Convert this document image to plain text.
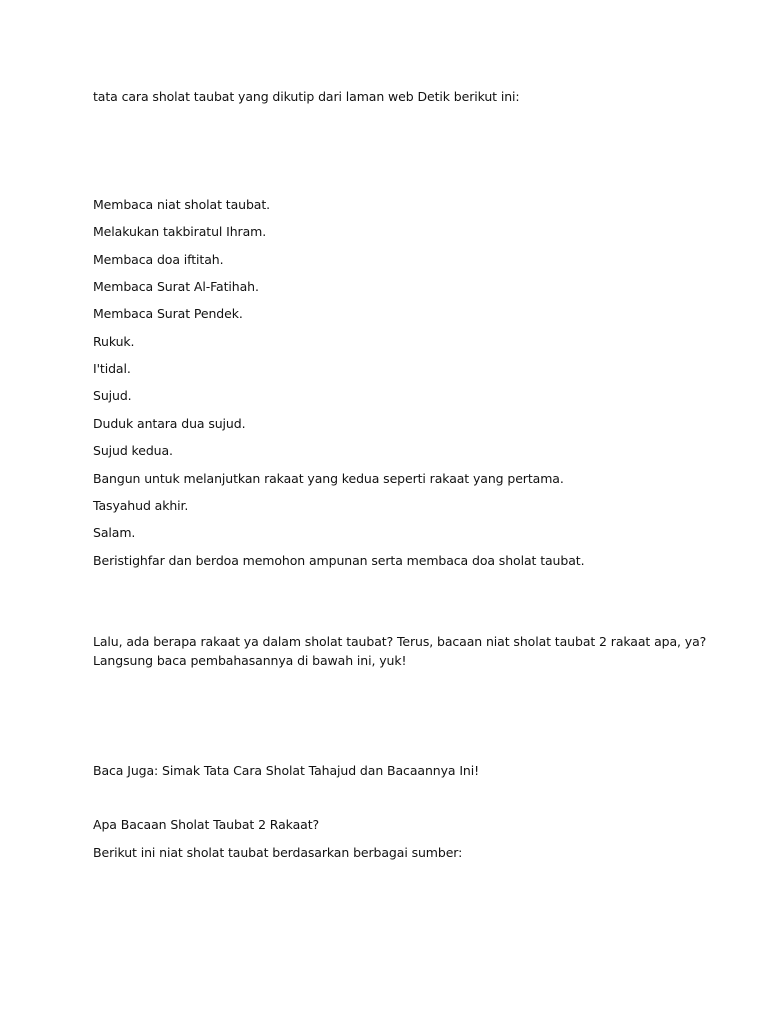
tata cara sholat taubat yang dikutip dari laman web Detik berikut ini:
Membaca niat sholat taubat.
Melakukan takbiratul Ihram.
Membaca doa iftitah.
Membaca Surat Al-Fatihah.
Membaca Surat Pendek.
Rukuk.
I'tidal.
Sujud.
Duduk antara dua sujud.
Sujud kedua.
Bangun untuk melanjutkan rakaat yang kedua seperti rakaat yang pertama.
Tasyahud akhir.
Salam.
Beristighfar dan berdoa memohon ampunan serta membaca doa sholat taubat.
Lalu, ada berapa rakaat ya dalam sholat taubat? Terus, bacaan niat sholat taubat 2 rakaat apa, ya?
Langsung baca pembahasannya di bawah ini, yuk!
Baca Juga: Simak Tata Cara Sholat Tahajud dan Bacaannya Ini!
Apa Bacaan Sholat Taubat 2 Rakaat?
Berikut ini niat sholat taubat berdasarkan berbagai sumber:
